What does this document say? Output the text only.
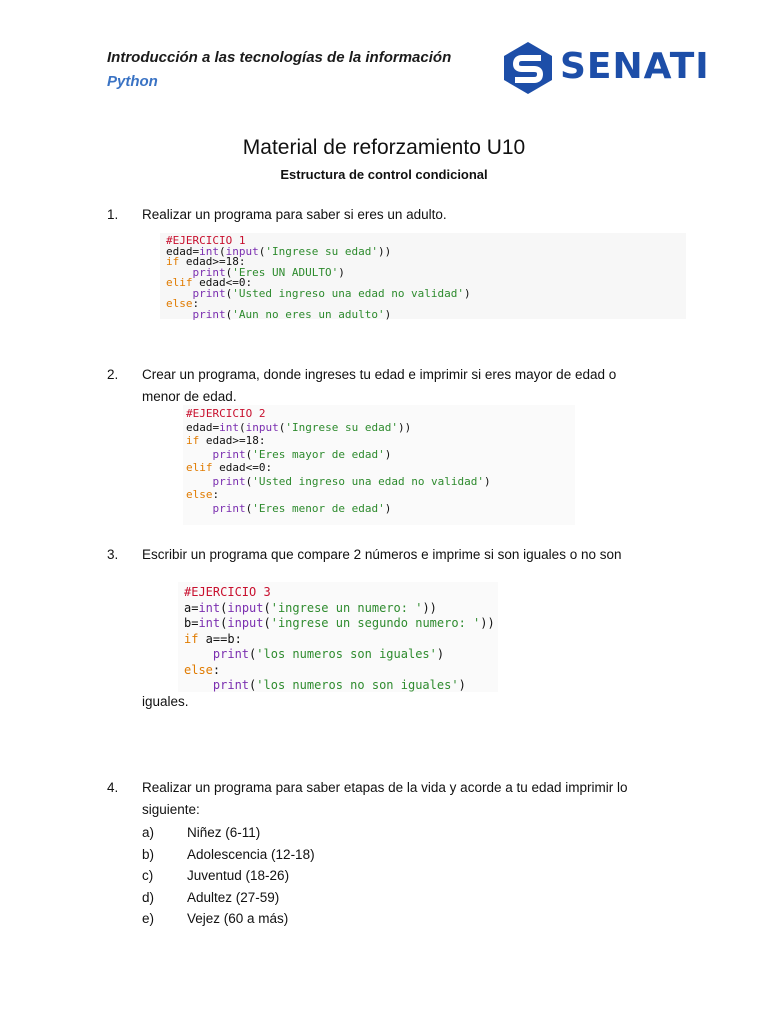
Introducción a las tecnologías de la información
Python	SENATI
Material de reforzamiento U10
Estructura de control condicional
1.	Realizar un programa para saber si eres un adulto.
#EJERCICIO 1
edad=int(input('Ingrese su edad'))
if edad>=18:
print('Eres UN ADULTO')
elif edad<=0:
print('Usted ingreso una edad no validad')
else:
print('Aun no eres un adulto')
2.	Crear un programa, donde ingreses tu edad e imprimir si eres mayor de edad o menor de edad.
#EJERCICIO 2
edad=int(input('Ingrese su edad'))
if edad>=18:
print('Eres mayor de edad')
elif edad<=0:
print('Usted ingreso una edad no validad')
else:
print('Eres menor de edad')
3.	Escribir un programa que compare 2 números e imprime si son iguales o no son
#EJERCICIO 3
a=int(input('ingrese un numero: '))
b=int(input('ingrese un segundo numero: '))
if a==b:
print('los numeros son iguales')
else:
print('los numeros no son iguales')
iguales.
4.	Realizar un programa para saber etapas de la vida y acorde a tu edad imprimir lo siguiente:
a) Niñez (6-11)
b) Adolescencia (12-18)
c)	Juventud (18-26)
d) Adultez (27-59)
e) Vejez (60 a más)
